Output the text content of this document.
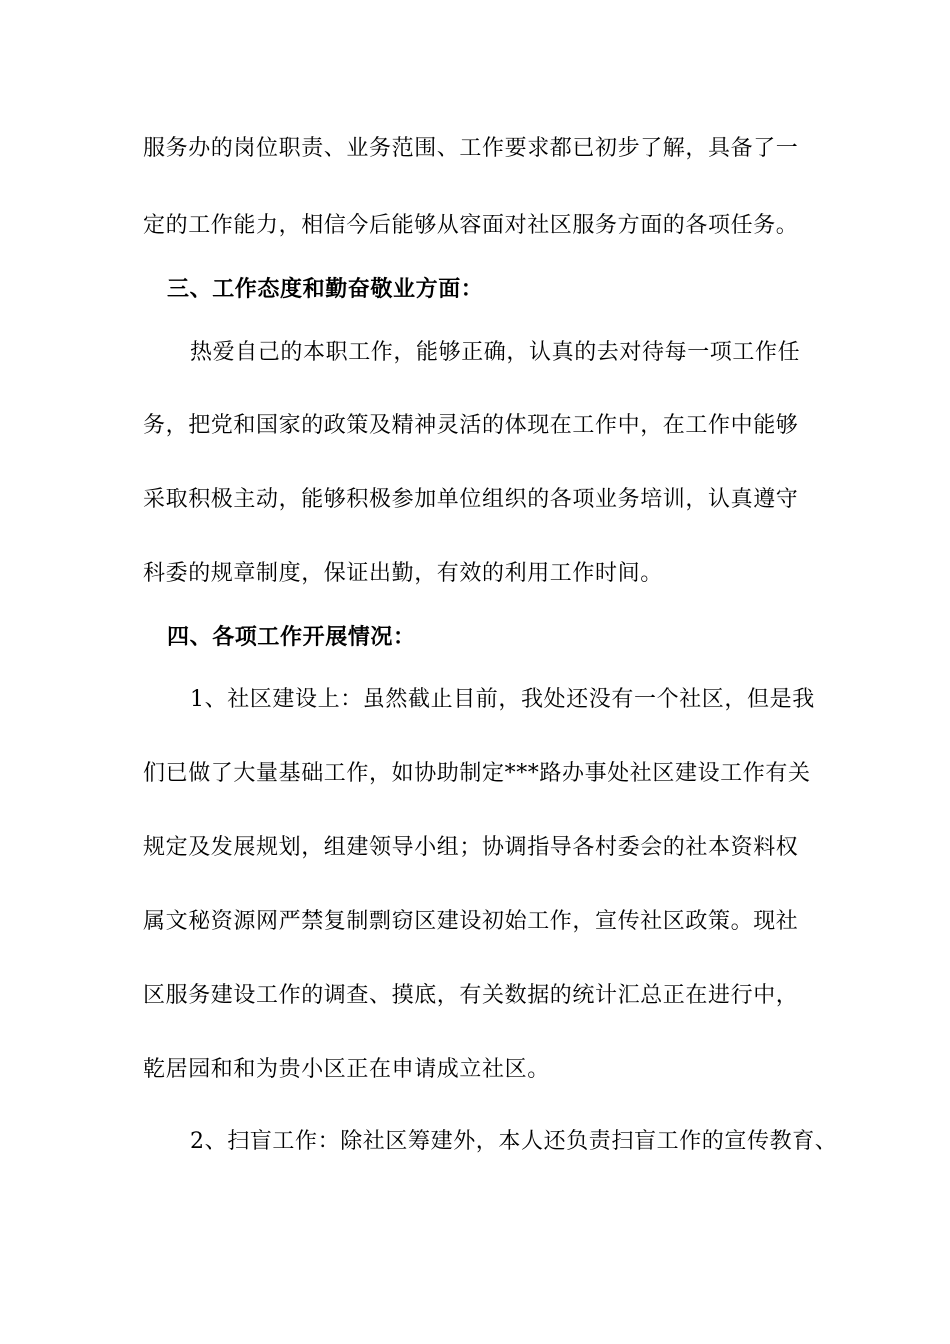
服务办的岗位职责、业务范围、工作要求都已初步了解，具备了一
定的工作能力，相信今后能够从容面对社区服务方面的各项任务。
三、工作态度和勤奋敬业方面：
热爱自己的本职工作，能够正确，认真的去对待每一项工作任
务，把党和国家的政策及精神灵活的体现在工作中，在工作中能够
采取积极主动，能够积极参加单位组织的各项业务培训，认真遵守
科委的规章制度，保证出勤，有效的利用工作时间。
四、各项工作开展情况：
1、社区建设上：虽然截止目前，我处还没有一个社区，但是我
们已做了大量基础工作，如协助制定***路办事处社区建设工作有关
规定及发展规划，组建领导小组；协调指导各村委会的社本资料权
属文秘资源网严禁复制剽窃区建设初始工作，宣传社区政策。现社
区服务建设工作的调查、摸底，有关数据的统计汇总正在进行中，
乾居园和和为贵小区正在申请成立社区。
2、扫盲工作：除社区筹建外，本人还负责扫盲工作的宣传教育、
